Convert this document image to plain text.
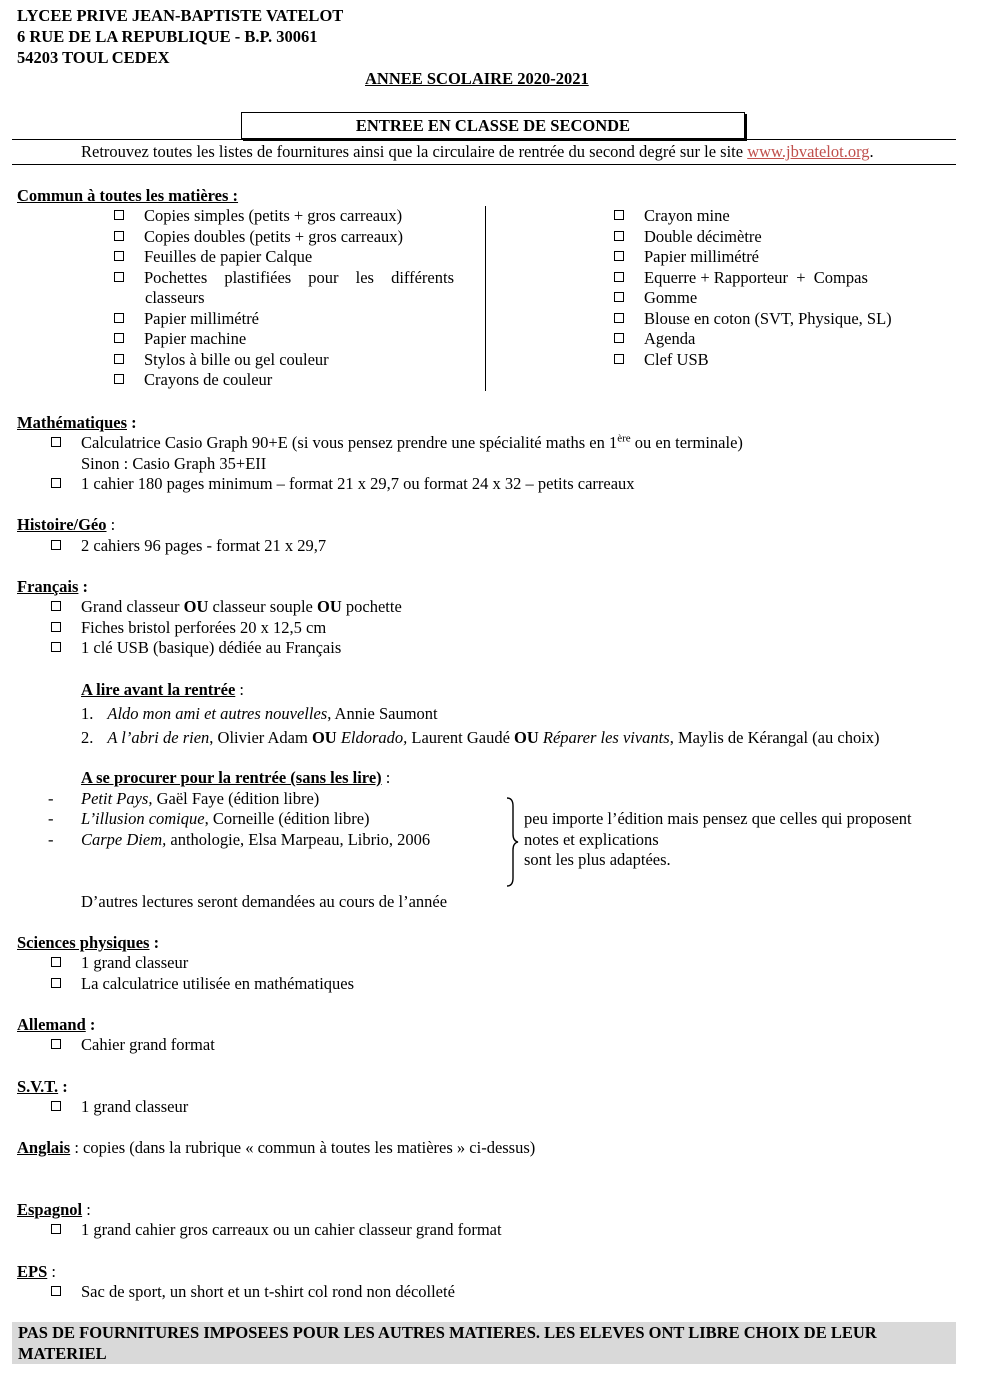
LYCEE PRIVE JEAN-BAPTISTE VATELOT
6 RUE DE LA REPUBLIQUE - B.P. 30061
54203 TOUL CEDEX
ANNEE SCOLAIRE 2020-2021
ENTREE EN CLASSE DE SECONDE
Retrouvez toutes les listes de fournitures ainsi que la circulaire de rentrée du second degré sur le site www.jbvatelot.org.
Commun à toutes les matières :
Copies simples (petits + gros carreaux)
Copies doubles (petits + gros carreaux)
Feuilles de papier Calque
Pochettes plastifiées pour les différents
classeurs
Papier millimétré
Papier machine
Stylos à bille ou gel couleur
Crayons de couleur
Crayon mine
Double décimètre
Papier millimétré
Equerre + Rapporteur  +  Compas
Gomme
Blouse en coton (SVT, Physique, SL)
Agenda
Clef USB
Mathématiques :
Calculatrice Casio Graph 90+E (si vous pensez prendre une spécialité maths en 1ère ou en terminale)
Sinon : Casio Graph 35+EII
1 cahier 180 pages minimum – format 21 x 29,7 ou format 24 x 32 – petits carreaux
Histoire/Géo :
2 cahiers 96 pages - format 21 x 29,7
Français :
Grand classeur OU classeur souple OU pochette
Fiches bristol perforées 20 x 12,5 cm
1 clé USB (basique) dédiée au Français
A lire avant la rentrée :
1. Aldo mon ami et autres nouvelles, Annie Saumont
2. A l’abri de rien, Olivier Adam OU Eldorado, Laurent Gaudé OU Réparer les vivants, Maylis de Kérangal (au choix)
A se procurer pour la rentrée (sans les lire) :
- Petit Pays, Gaël Faye (édition libre)
- L’illusion comique, Corneille (édition libre)
- Carpe Diem, anthologie, Elsa Marpeau, Librio, 2006
peu importe l’édition mais pensez que celles qui proposent
notes et explications
sont les plus adaptées.
D’autres lectures seront demandées au cours de l’année
Sciences physiques :
1 grand classeur
La calculatrice utilisée en mathématiques
Allemand :
Cahier grand format
S.V.T. :
1 grand classeur
Anglais : copies (dans la rubrique « commun à toutes les matières » ci-dessus)
Espagnol :
1 grand cahier gros carreaux ou un cahier classeur grand format
EPS :
Sac de sport, un short et un t-shirt col rond non décolleté
PAS DE FOURNITURES IMPOSEES POUR LES AUTRES MATIERES. LES ELEVES ONT LIBRE CHOIX DE LEUR MATERIEL
